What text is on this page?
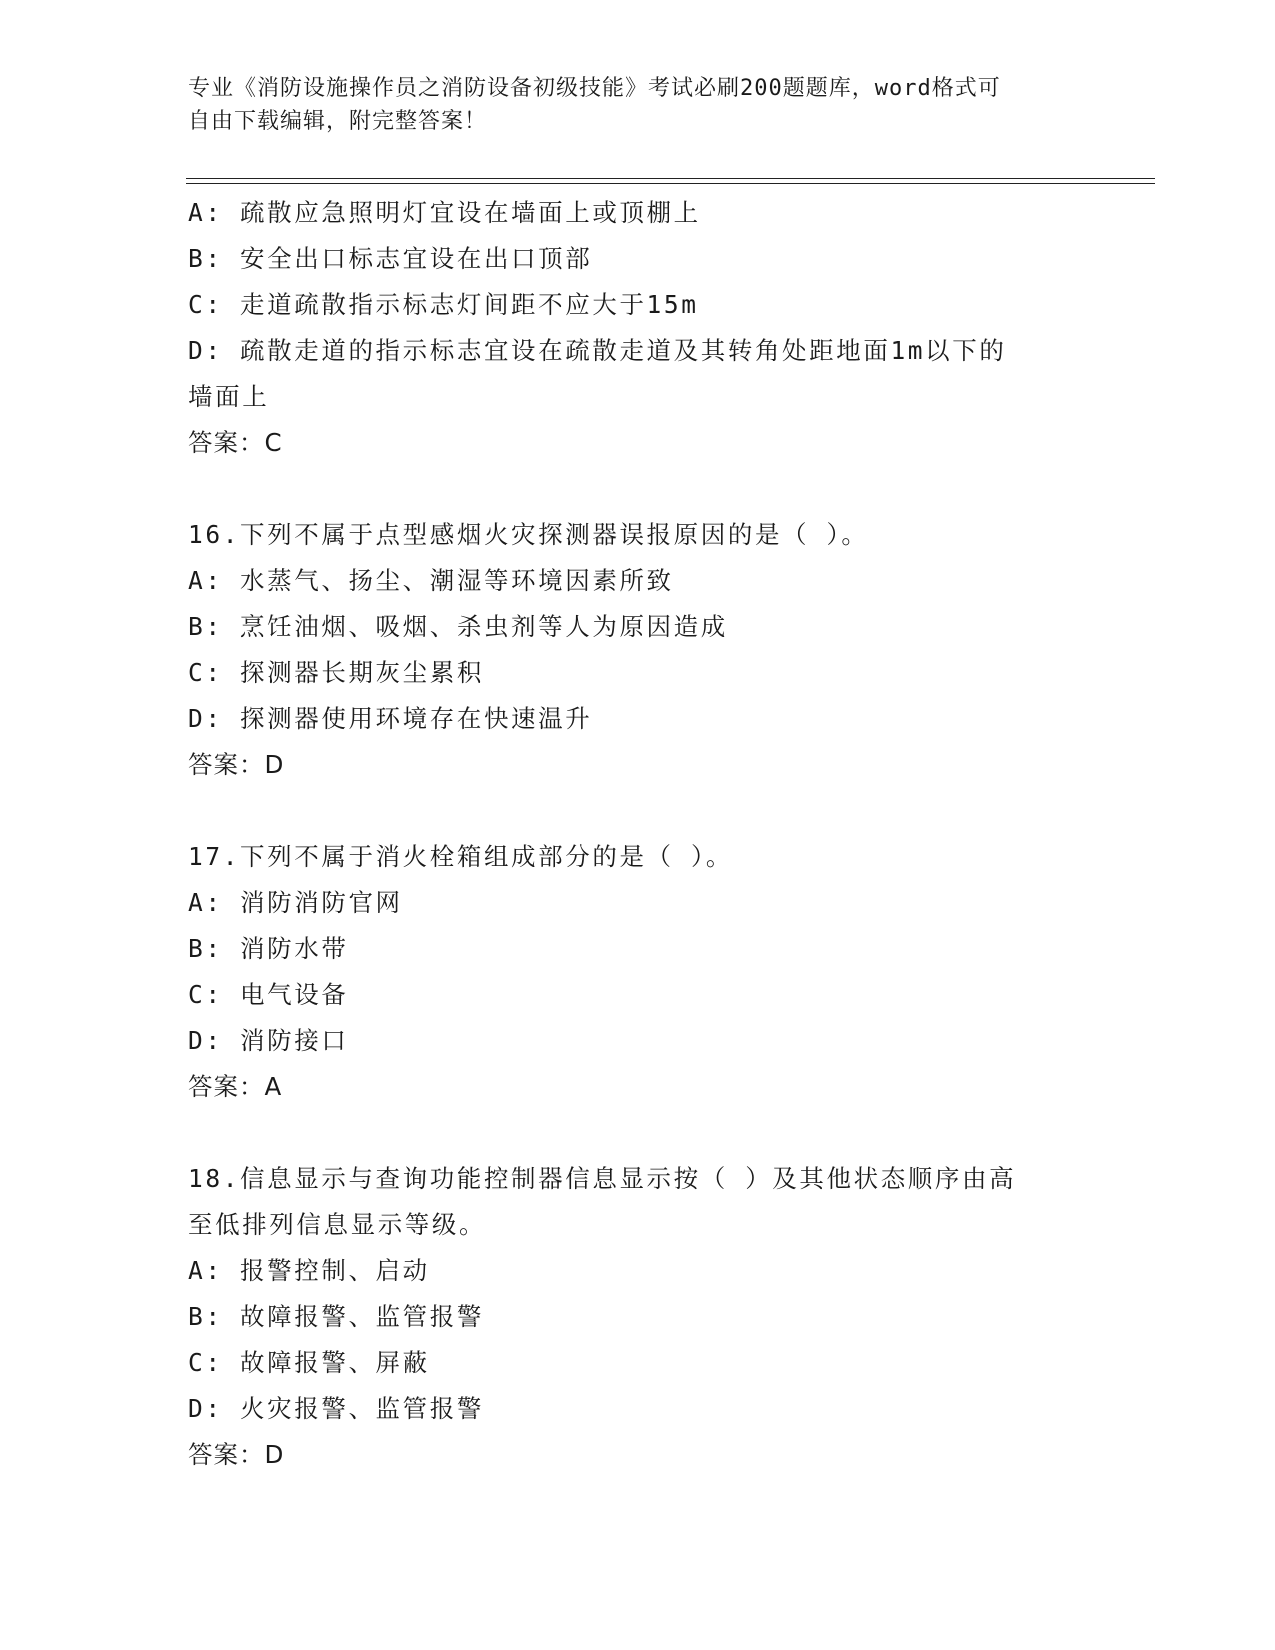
专业《消防设施操作员之消防设备初级技能》考试必刷200题题库，word格式可
自由下载编辑，附完整答案！
A: 疏散应急照明灯宜设在墙面上或顶棚上
B: 安全出口标志宜设在出口顶部
C: 走道疏散指示标志灯间距不应大于15m
D: 疏散走道的指示标志宜设在疏散走道及其转角处距地面1m以下的
墙面上
答案：C
16.下列不属于点型感烟火灾探测器误报原因的是（ ）。
A: 水蒸气、扬尘、潮湿等环境因素所致
B: 烹饪油烟、吸烟、杀虫剂等人为原因造成
C: 探测器长期灰尘累积
D: 探测器使用环境存在快速温升
答案：D
17.下列不属于消火栓箱组成部分的是（ ）。
A: 消防消防官网
B: 消防水带
C: 电气设备
D: 消防接口
答案：A
18.信息显示与查询功能控制器信息显示按（ ）及其他状态顺序由高
至低排列信息显示等级。
A: 报警控制、启动
B: 故障报警、监管报警
C: 故障报警、屏蔽
D: 火灾报警、监管报警
答案：D
